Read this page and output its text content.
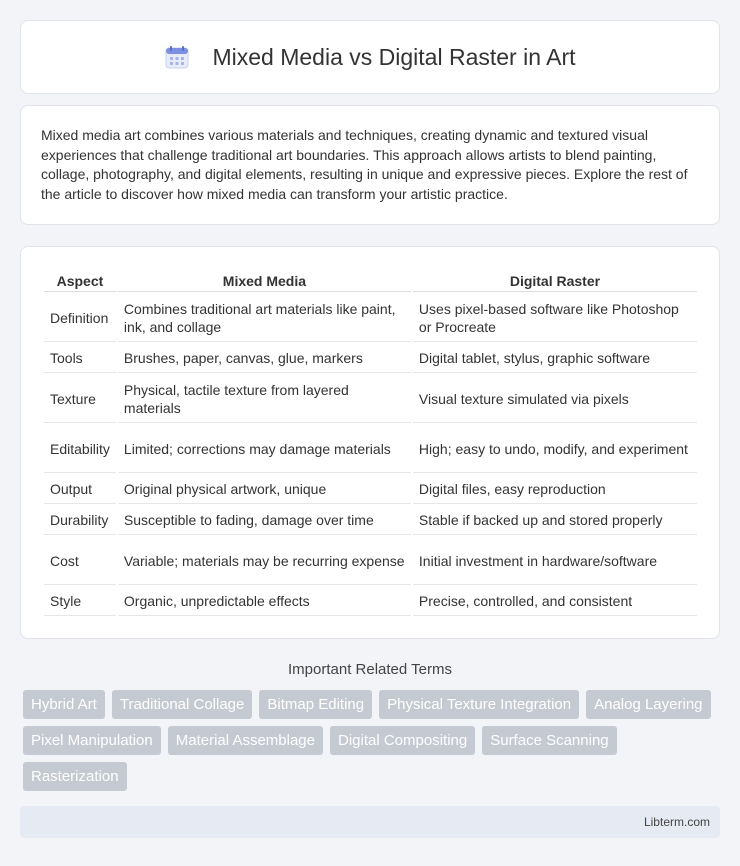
Mixed Media vs Digital Raster in Art

Mixed media art combines various materials and techniques, creating dynamic and textured visual experiences that challenge traditional art boundaries. This approach allows artists to blend painting, collage, photography, and digital elements, resulting in unique and expressive pieces. Explore the rest of the article to discover how mixed media can transform your artistic practice.

Aspect	Mixed Media	Digital Raster
Definition	Combines traditional art materials like paint, ink, and collage	Uses pixel-based software like Photoshop or Procreate
Tools	Brushes, paper, canvas, glue, markers	Digital tablet, stylus, graphic software
Texture	Physical, tactile texture from layered materials	Visual texture simulated via pixels
Editability	Limited; corrections may damage materials	High; easy to undo, modify, and experiment
Output	Original physical artwork, unique	Digital files, easy reproduction
Durability	Susceptible to fading, damage over time	Stable if backed up and stored properly
Cost	Variable; materials may be recurring expense	Initial investment in hardware/software
Style	Organic, unpredictable effects	Precise, controlled, and consistent
Important Related Terms
Hybrid Art	Traditional Collage	Bitmap Editing	Physical Texture Integration	Analog Layering
Pixel Manipulation	Material Assemblage	Digital Compositing	Surface Scanning
Rasterization
Libterm.com
